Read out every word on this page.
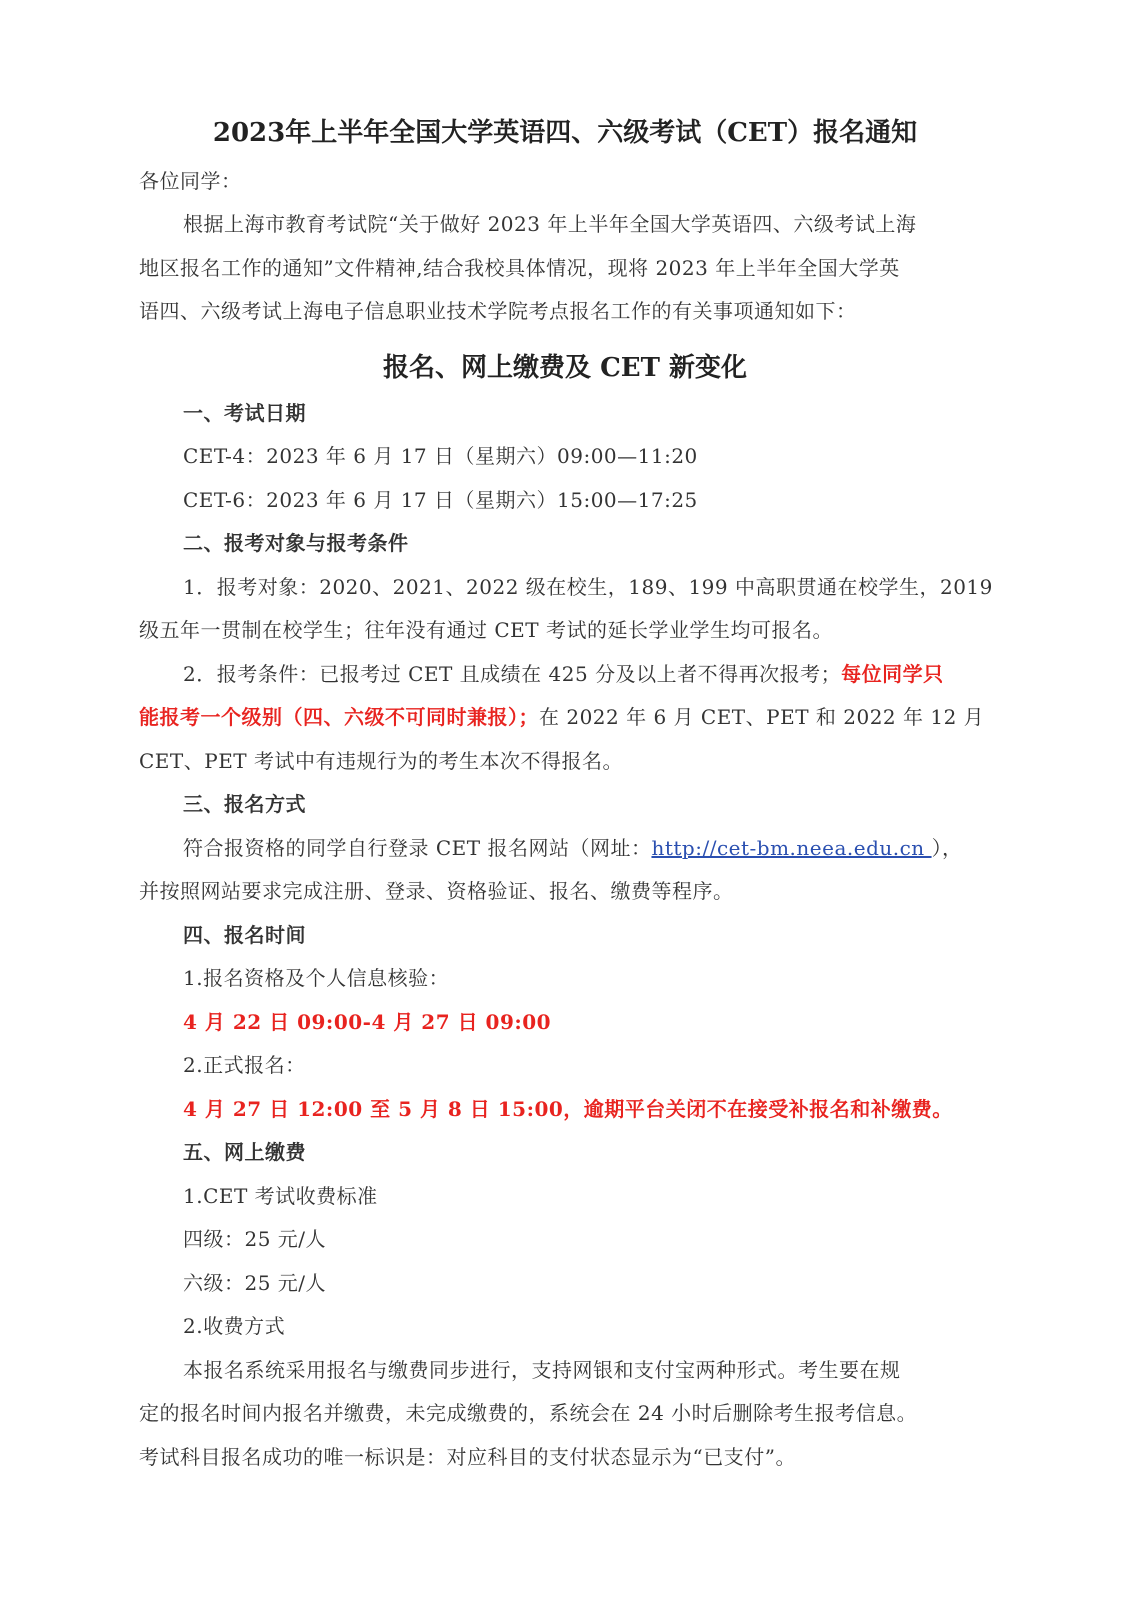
2023年上半年全国大学英语四、六级考试（CET）报名通知
各位同学：
根据上海市教育考试院“关于做好 2023 年上半年全国大学英语四、六级考试上海
地区报名工作的通知”文件精神,结合我校具体情况，现将 2023 年上半年全国大学英
语四、六级考试上海电子信息职业技术学院考点报名工作的有关事项通知如下：
报名、网上缴费及 CET 新变化
一、考试日期
CET-4：2023 年 6 月 17 日（星期六）09:00—11:20
CET-6：2023 年 6 月 17 日（星期六）15:00—17:25
二、报考对象与报考条件
1．报考对象：2020、2021、2022 级在校生，189、199 中高职贯通在校学生，2019
级五年一贯制在校学生；往年没有通过 CET 考试的延长学业学生均可报名。
2．报考条件：已报考过 CET 且成绩在 425 分及以上者不得再次报考；每位同学只
能报考一个级别（四、六级不可同时兼报）；在 2022 年 6 月 CET、PET 和 2022 年 12 月
CET、PET 考试中有违规行为的考生本次不得报名。
三、报名方式
符合报资格的同学自行登录 CET 报名网站（网址：http://cet-bm.neea.edu.cn ），
并按照网站要求完成注册、登录、资格验证、报名、缴费等程序。
四、报名时间
1.报名资格及个人信息核验：
4 月 22 日 09:00-4 月 27 日 09:00
2.正式报名：
4 月 27 日 12:00 至 5 月 8 日 15:00，逾期平台关闭不在接受补报名和补缴费。
五、网上缴费
1.CET 考试收费标准
四级：25 元/人
六级：25 元/人
2.收费方式
本报名系统采用报名与缴费同步进行，支持网银和支付宝两种形式。考生要在规
定的报名时间内报名并缴费，未完成缴费的，系统会在 24 小时后删除考生报考信息。
考试科目报名成功的唯一标识是：对应科目的支付状态显示为“已支付”。
